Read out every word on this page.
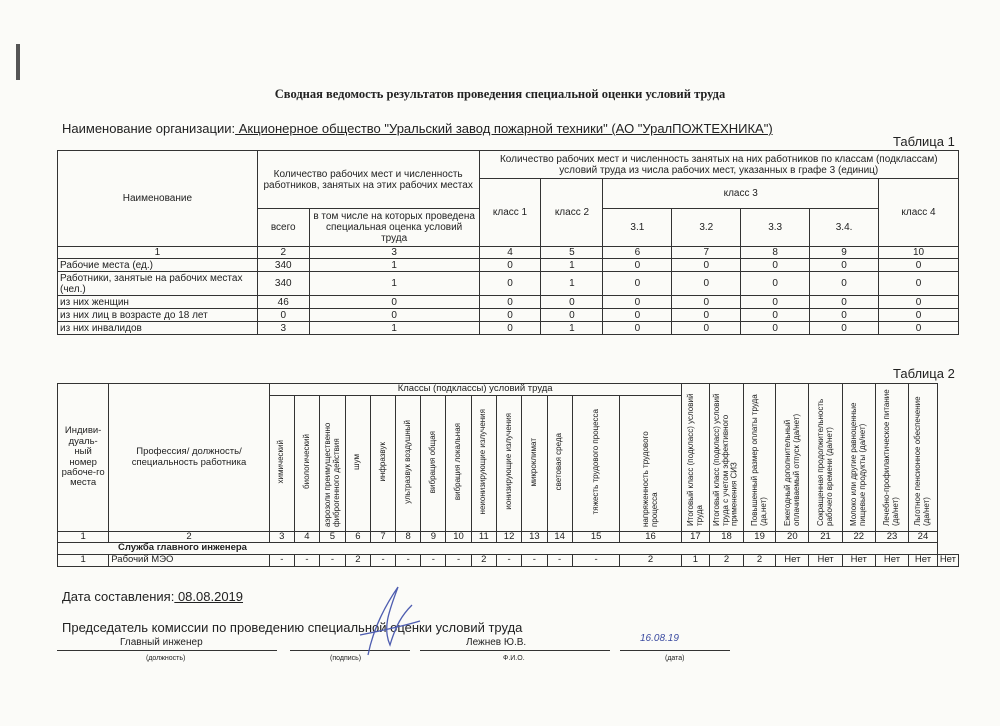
Сводная ведомость результатов проведения специальной оценки условий труда
Наименование организации: Акционерное общество "Уральский завод пожарной техники" (АО "УралПОЖТЕХНИКА")
Таблица 1
Наименование	Количество рабочих мест и численность работников, занятых на этих рабочих местах		Количество рабочих мест и численность занятых на них работников по классам (подклассам) условий труда из числа рабочих мест, указанных в графе 3 (единиц)						
			класс 1	класс 2	класс 3				класс 4
	всего	в том числе на которых проведена специальная оценка условий труда			3.1	3.2	3.3	3.4.	
1	2	3	4	5	6	7	8	9	10
Рабочие места (ед.)	340	1	0	1	0	0	0	0	0
Работники, занятые на рабочих местах (чел.)	340	1	0	1	0	0	0	0	0
из них женщин	46	0	0	0	0	0	0	0	0
из них лиц в возрасте до 18 лет	0	0	0	0	0	0	0	0	0
из них инвалидов	3	1	0	1	0	0	0	0	0
Таблица 2
Индиви-дуаль-ный номер рабоче-го места	Профессия/ должность/ специальность работника	Классы (подклассы) условий труда														Итоговый класс (подкласс) условий труда	Итоговый класс (подкласс) условий труда с учетом эффективного применения СИЗ	Повышенный размер оплаты труда (да,нет)	Ежегодный дополнительный оплачиваемый отпуск (да/нет)	Сокращенная продолжительность рабочего времени (да/нет)	Молоко или другие равноценные пищевые продукты (да/нет)	Лечебно-профилактическое питание (да/нет)	Льготное пенсионное обеспечение (да/нет)	
		химический	биологический	аэрозоли преимущественно фиброгенного действия	шум	инфразвук	ультразвук воздушный	вибрация общая	вибрация локальная	неионизирующие излучения	ионизирующие излучения	микроклимат	световая среда	тяжесть трудового процесса	напряженность трудового процесса									
1	2	3	4	5	6	7	8	9	10	11	12	13	14	15	16	17	18	19	20	21	22	23	24	
Служба главного инженера																								
1	Рабочий МЭО	-	-	-	2	-	-	-	-	2	-	-	-	-	2	1	2	2	Нет	Нет	Нет	Нет	Нет	Нет
Дата составления: 08.08.2019
Председатель комиссии по проведению специальной оценки условий труда
Главный инженер	Лежнев Ю.В.	16.08.19
(должность)	(подпись)	Ф.И.О.	(дата)
